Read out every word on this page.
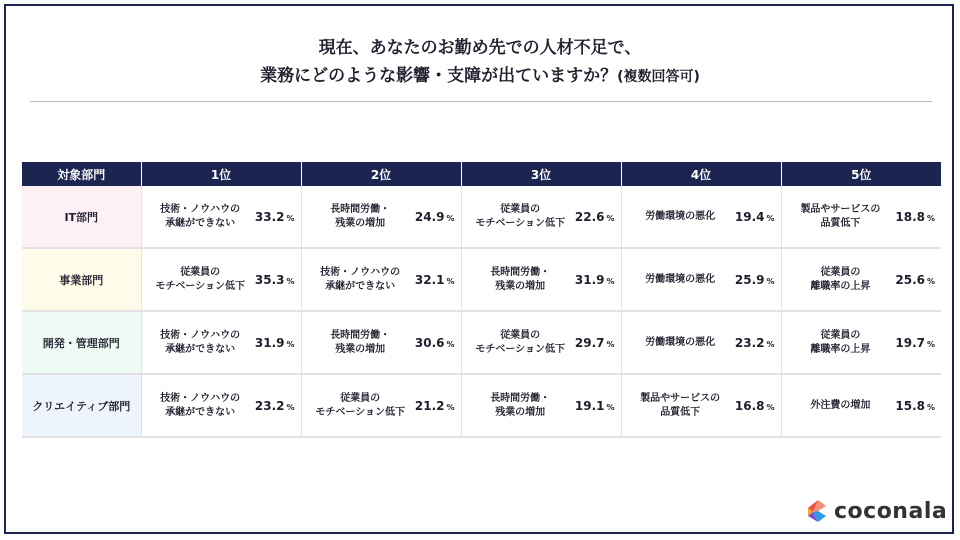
現在、あなたのお勤め先での人材不足で、
業務にどのような影響・支障が出ていますか？(複数回答可)
対象部門	1位	2位	3位	4位	5位
IT部門	技術・ノウハウの
承継ができない 33.2 %	長時間労働・
残業の増加 24.9 %	従業員の
モチベーション低下 22.6 %	労働環境の悪化 19.4 %	製品やサービスの
品質低下 18.8 %

事業部門	従業員の
モチベーション低下 35.3 %	技術・ノウハウの
承継ができない 32.1 %	長時間労働・
残業の増加 31.9 %	労働環境の悪化 25.9 %	従業員の
離職率の上昇 25.6 %

開発・管理部門	技術・ノウハウの
承継ができない 31.9 %	長時間労働・
残業の増加 30.6 %	従業員の
モチベーション低下 29.7 %	労働環境の悪化 23.2 %	従業員の
離職率の上昇 19.7 %

クリエイティブ部門	技術・ノウハウの
承継ができない 23.2 %	従業員の
モチベーション低下 21.2 %	長時間労働・
残業の増加 19.1 %	製品やサービスの
品質低下 16.8 %	外注費の増加 15.8 %
coconala
